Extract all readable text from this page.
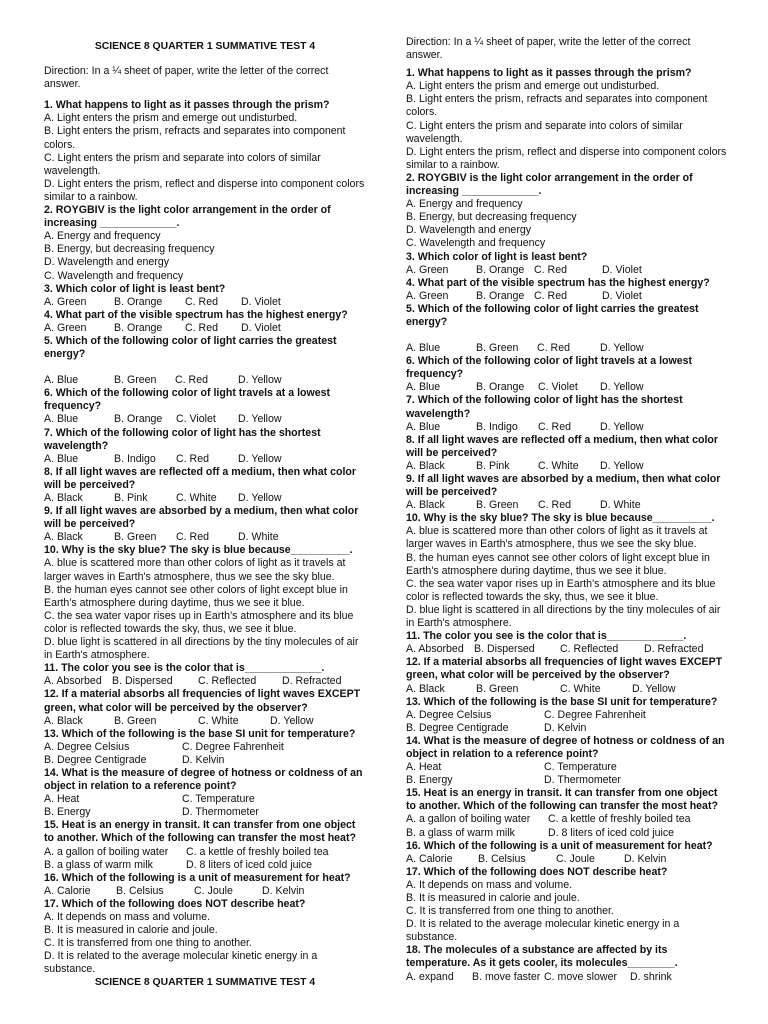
SCIENCE 8 QUARTER 1 SUMMATIVE TEST 4
Direction: In a ¼ sheet of paper, write the letter of the correct answer.
1. What happens to light as it passes through the prism?
A. Light enters the prism and emerge out undisturbed.
B. Light enters the prism, refracts and separates into component colors.
C. Light enters the prism and separate into colors of similar wavelength.
D. Light enters the prism, reflect and disperse into component colors similar to a rainbow.
2. ROYGBIV is the light color arrangement in the order of increasing _____________.
A. Energy and frequency
B. Energy, but decreasing frequency
D. Wavelength and energy
C. Wavelength and frequency
3. Which color of light is least bent?
A. Green	B. Orange	C. Red	D. Violet
4. What part of the visible spectrum has the highest energy?
A. Green	B. Orange	C. Red	D. Violet
5. Which of the following color of light carries the greatest energy?
A. Blue	B. Green	C. Red	D. Yellow
6. Which of the following color of light travels at a lowest frequency?
A. Blue	B. Orange	C. Violet	D. Yellow
7. Which of the following color of light has the shortest wavelength?
A. Blue	B. Indigo	C. Red	D. Yellow
8. If all light waves are reflected off a medium, then what color will be perceived?
A. Black	B. Pink	C. White	D. Yellow
9. If all light waves are absorbed by a medium, then what color will be perceived?
A. Black	B. Green	C. Red	D. White
10. Why is the sky blue? The sky is blue because__________.
A. blue is scattered more than other colors of light as it travels at larger waves in Earth's atmosphere, thus we see the sky blue.
B. the human eyes cannot see other colors of light except blue in Earth's atmosphere during daytime, thus we see it blue.
C. the sea water vapor rises up in Earth's atmosphere and its blue color is reflected towards the sky, thus, we see it blue.
D. blue light is scattered in all directions by the tiny molecules of air in Earth's atmosphere.
11. The color you see is the color that is_____________.
A. Absorbed B. Dispersed	C. Reflected	D. Refracted
12. If a material absorbs all frequencies of light waves EXCEPT green, what color will be perceived by the observer?
A. Black	B. Green	C. White	D. Yellow
13. Which of the following is the base SI unit for temperature?
A. Degree Celsius	C. Degree Fahrenheit
B. Degree Centigrade	D. Kelvin
14. What is the measure of degree of hotness or coldness of an object in relation to a reference point?
A. Heat	C. Temperature
B. Energy	D. Thermometer
15. Heat is an energy in transit. It can transfer from one object to another. Which of the following can transfer the most heat?
A. a gallon of boiling water	C. a kettle of freshly boiled tea
B. a glass of warm milk	D. 8 liters of iced cold juice
16. Which of the following is a unit of measurement for heat?
A. Calorie	B. Celsius	C. Joule	D. Kelvin
17. Which of the following does NOT describe heat?
A. It depends on mass and volume.
B. It is measured in calorie and joule.
C. It is transferred from one thing to another.
D. It is related to the average molecular kinetic energy in a substance.
SCIENCE 8 QUARTER 1 SUMMATIVE TEST 4
Direction: In a ¼ sheet of paper, write the letter of the correct answer.
1. What happens to light as it passes through the prism?
A. Light enters the prism and emerge out undisturbed.
B. Light enters the prism, refracts and separates into component colors.
C. Light enters the prism and separate into colors of similar wavelength.
D. Light enters the prism, reflect and disperse into component colors similar to a rainbow.
2. ROYGBIV is the light color arrangement in the order of increasing _____________.
A. Energy and frequency
B. Energy, but decreasing frequency
D. Wavelength and energy
C. Wavelength and frequency
3. Which color of light is least bent?
A. Green	B. Orange C. Red	D. Violet
4. What part of the visible spectrum has the highest energy?
A. Green	B. Orange C. Red	D. Violet
5. Which of the following color of light carries the greatest energy?
A. Blue	B. Green	C. Red	D. Yellow
6. Which of the following color of light travels at a lowest frequency?
A. Blue	B. Orange	C. Violet	D. Yellow
7. Which of the following color of light has the shortest wavelength?
A. Blue	B. Indigo	C. Red	D. Yellow
8. If all light waves are reflected off a medium, then what color will be perceived?
A. Black	B. Pink	C. White	D. Yellow
9. If all light waves are absorbed by a medium, then what color will be perceived?
A. Black	B. Green	C. Red	D. White
10. Why is the sky blue? The sky is blue because__________.
A. blue is scattered more than other colors of light as it travels at larger waves in Earth's atmosphere, thus we see the sky blue.
B. the human eyes cannot see other colors of light except blue in Earth's atmosphere during daytime, thus we see it blue.
C. the sea water vapor rises up in Earth's atmosphere and its blue color is reflected towards the sky, thus, we see it blue.
D. blue light is scattered in all directions by the tiny molecules of air in Earth's atmosphere.
11. The color you see is the color that is_____________.
A. Absorbed B. Dispersed	C. Reflected	D. Refracted
12. If a material absorbs all frequencies of light waves EXCEPT green, what color will be perceived by the observer?
A. Black	B. Green	C. White	D. Yellow
13. Which of the following is the base SI unit for temperature?
A. Degree Celsius	C. Degree Fahrenheit
B. Degree Centigrade	D. Kelvin
14. What is the measure of degree of hotness or coldness of an object in relation to a reference point?
A. Heat	C. Temperature
B. Energy	D. Thermometer
15. Heat is an energy in transit. It can transfer from one object to another. Which of the following can transfer the most heat?
A. a gallon of boiling water	C. a kettle of freshly boiled tea
B. a glass of warm milk	D. 8 liters of iced cold juice
16. Which of the following is a unit of measurement for heat?
A. Calorie	B. Celsius	C. Joule	D. Kelvin
17. Which of the following does NOT describe heat?
A. It depends on mass and volume.
B. It is measured in calorie and joule.
C. It is transferred from one thing to another.
D. It is related to the average molecular kinetic energy in a substance.
18. The molecules of a substance are affected by its temperature. As it gets cooler, its molecules________.
A. expand	B. move faster C. move slower	D. shrink
